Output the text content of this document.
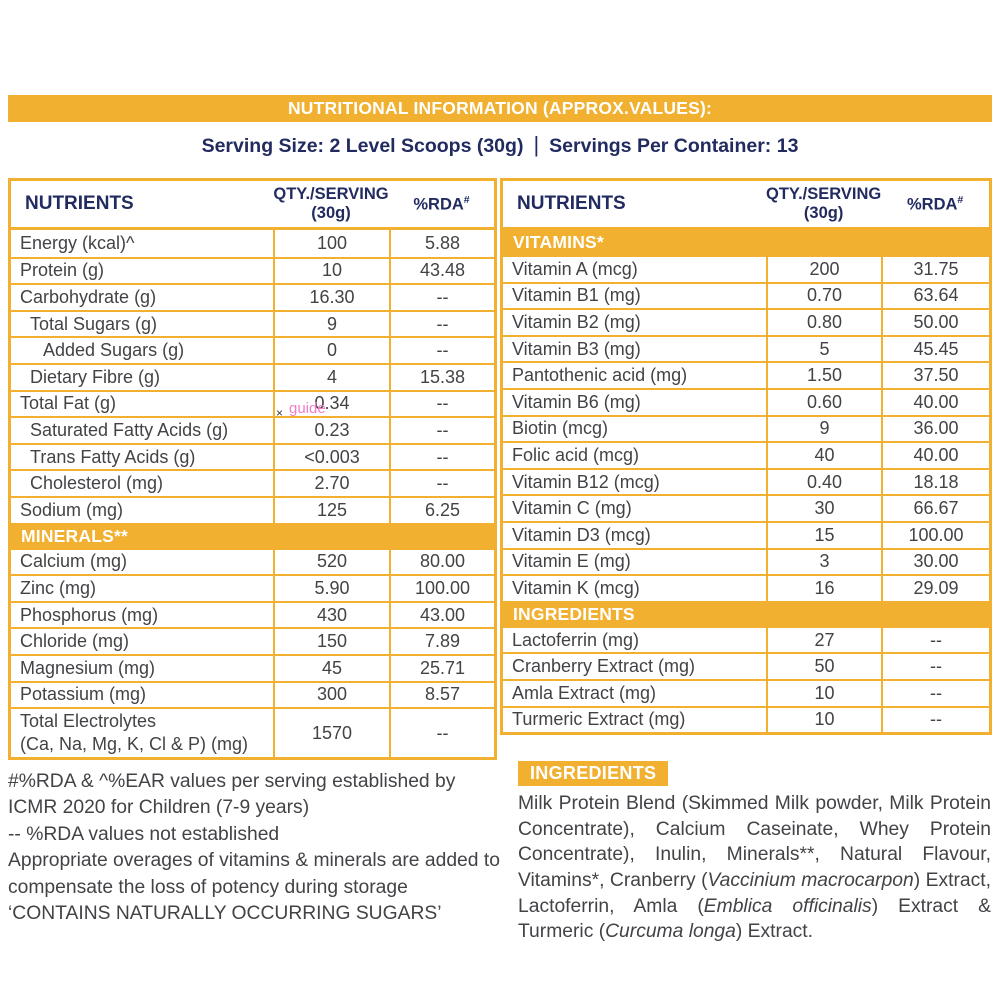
NUTRITIONAL INFORMATION (APPROX.VALUES):
Serving Size: 2 Level Scoops (30g) | Servings Per Container: 13
NUTRIENTS	QTY./SERVING
(30g)	%RDA#
Energy (kcal)^	100	5.88
Protein (g)	10	43.48
Carbohydrate (g)	16.30	--
Total Sugars (g)	9	--
Added Sugars (g)	0	--
Dietary Fibre (g)	4	15.38
Total Fat (g)	0.34	--
Saturated Fatty Acids (g)	0.23	--
Trans Fatty Acids (g)	<0.003	--
Cholesterol (mg)	2.70	--
Sodium (mg)	125	6.25
MINERALS**
Calcium (mg)	520	80.00
Zinc (mg)	5.90	100.00
Phosphorus (mg)	430	43.00
Chloride (mg)	150	7.89
Magnesium (mg)	45	25.71
Potassium (mg)	300	8.57
Total Electrolytes
(Ca, Na, Mg, K, Cl & P) (mg)
1570	--
NUTRIENTS	QTY./SERVING
(30g)	%RDA#
VITAMINS*
Vitamin A (mcg)	200	31.75
Vitamin B1 (mg)	0.70	63.64
Vitamin B2 (mg)	0.80	50.00
Vitamin B3 (mg)	5	45.45
Pantothenic acid (mg)	1.50	37.50
Vitamin B6 (mg)	0.60	40.00
Biotin (mcg)	9	36.00
Folic acid (mcg)	40	40.00
Vitamin B12 (mcg)	0.40	18.18
Vitamin C (mg)	30	66.67
Vitamin D3 (mcg)	15	100.00
Vitamin E (mg)	3	30.00
Vitamin K (mcg)	16	29.09
INGREDIENTS
Lactoferrin (mg)	27	--
Cranberry Extract (mg)	50	--
Amla Extract (mg)	10	--
Turmeric Extract (mg)	10	--

#%RDA & ^%EAR values per serving established by ICMR 2020 for Children (7-9 years)

-- %RDA values not established

Appropriate overages of vitamins & minerals are added to compensate the loss of potency during storage

‘CONTAINS NATURALLY OCCURRING SUGARS’

INGREDIENTS
Milk Protein Blend (Skimmed Milk powder, Milk Protein Concentrate), Calcium Caseinate, Whey Protein Concentrate), Inulin, Minerals**, Natural Flavour, Vitamins*, Cranberry (Vaccinium macrocarpon) Extract, Lactoferrin, Amla (Emblica officinalis) Extract & Turmeric (Curcuma longa) Extract.
× guide
